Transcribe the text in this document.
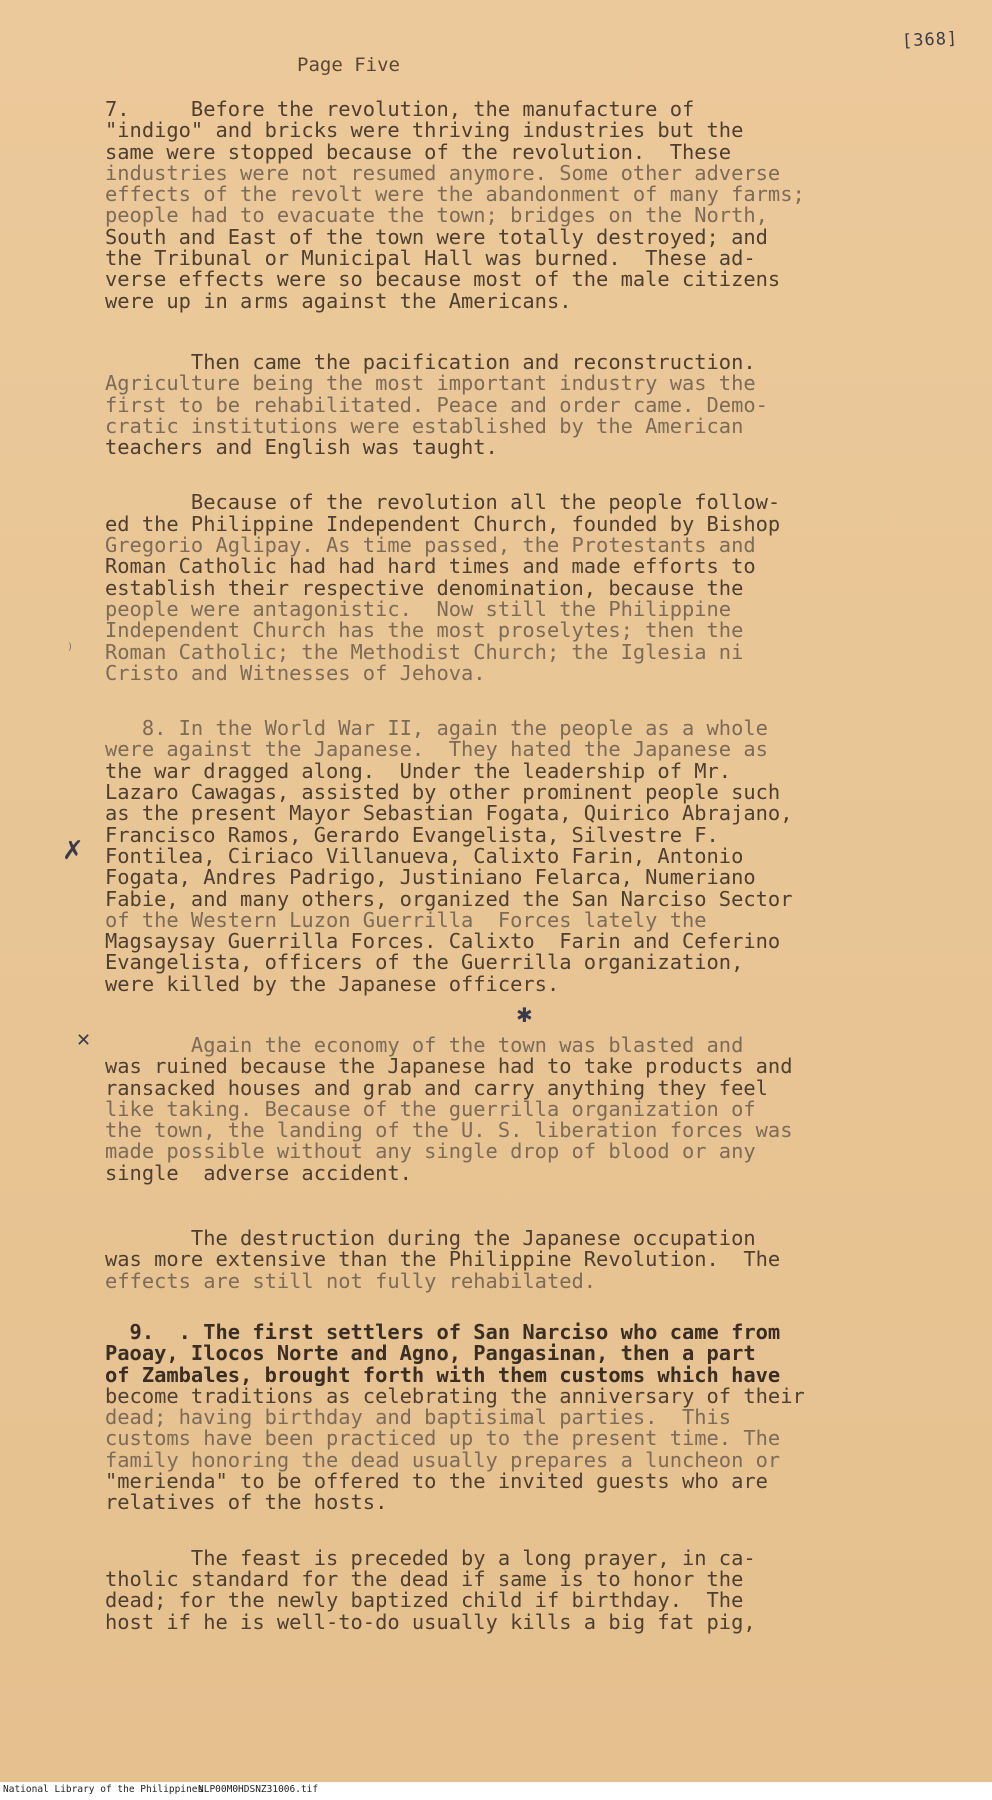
Page Five
[368]

7.     Before the revolution, the manufacture of

"indigo" and bricks were thriving industries but the

same were stopped because of the revolution.  These

industries were not resumed anymore. Some other adverse

effects of the revolt were the abandonment of many farms;

people had to evacuate the town; bridges on the North,

South and East of the town were totally destroyed; and

the Tribunal or Municipal Hall was burned.  These ad-

verse effects were so because most of the male citizens

were up in arms against the Americans.

Then came the pacification and reconstruction.

Agriculture being the most important industry was the

first to be rehabilitated. Peace and order came. Demo-

cratic institutions were established by the American

teachers and English was taught.

Because of the revolution all the people follow-

ed the Philippine Independent Church, founded by Bishop

Gregorio Aglipay. As time passed, the Protestants and

Roman Catholic had had hard times and made efforts to

establish their respective denomination, because the

people were antagonistic.  Now still the Philippine

Independent Church has the most proselytes; then the

Roman Catholic; the Methodist Church; the Iglesia ni

Cristo and Witnesses of Jehova.

8. In the World War II, again the people as a whole

were against the Japanese.  They hated the Japanese as

the war dragged along.  Under the leadership of Mr.

Lazaro Cawagas, assisted by other prominent people such

as the present Mayor Sebastian Fogata, Quirico Abrajano,

Francisco Ramos, Gerardo Evangelista, Silvestre F.

Fontilea, Ciriaco Villanueva, Calixto Farin, Antonio

Fogata, Andres Padrigo, Justiniano Felarca, Numeriano

Fabie, and many others, organized the San Narciso Sector

of the Western Luzon Guerrilla  Forces lately the

Magsaysay Guerrilla Forces. Calixto  Farin and Ceferino

Evangelista, officers of the Guerrilla organization,

were killed by the Japanese officers.

Again the economy of the town was blasted and

was ruined because the Japanese had to take products and

ransacked houses and grab and carry anything they feel

like taking. Because of the guerrilla organization of

the town, the landing of the U. S. liberation forces was

made possible without any single drop of blood or any

single  adverse accident.

The destruction during the Japanese occupation

was more extensive than the Philippine Revolution.  The

effects are still not fully rehabilated.

9.  . The first settlers of San Narciso who came from

Paoay, Ilocos Norte and Agno, Pangasinan, then a part

of Zambales, brought forth with them customs which have

become traditions as celebrating the anniversary of their

dead; having birthday and baptisimal parties.  This

customs have been practiced up to the present time. The

family honoring the dead usually prepares a luncheon or

"merienda" to be offered to the invited guests who are

relatives of the hosts.

The feast is preceded by a long prayer, in ca-

tholic standard for the dead if same is to honor the

dead; for the newly baptized child if birthday.  The

host if he is well-to-do usually kills a big fat pig,

✗
✕
✱
⁾
National Library of the Philippines
NLP00M0HDSNZ31006.tif
